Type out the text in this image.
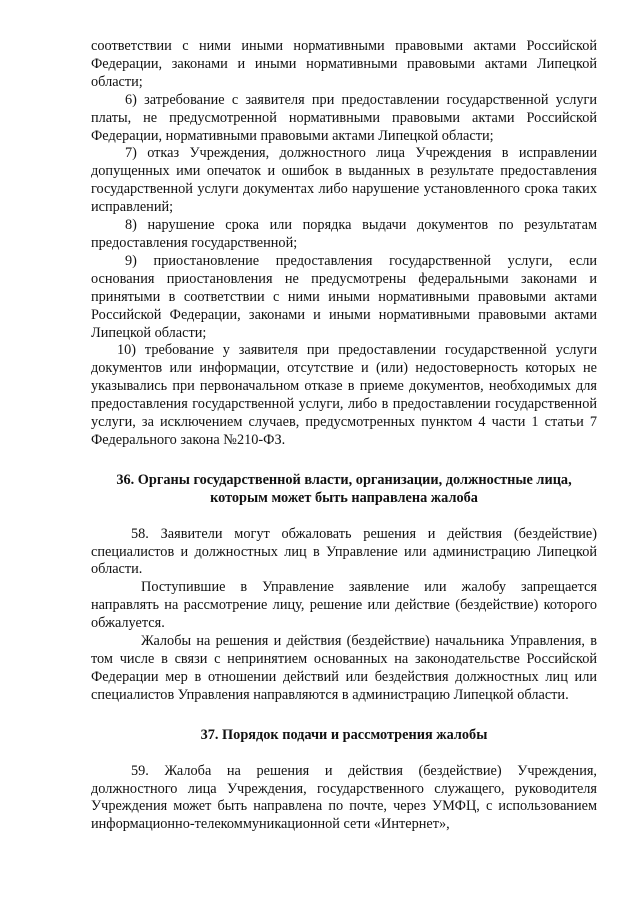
соответствии с ними иными нормативными правовыми актами Российской Федерации, законами и иными нормативными правовыми актами Липецкой области;

6) затребование с заявителя при предоставлении государственной услуги платы, не предусмотренной нормативными правовыми актами Российской Федерации, нормативными правовыми актами Липецкой области;

7) отказ Учреждения, должностного лица Учреждения в исправлении допущенных ими опечаток и ошибок в выданных в результате предоставления государственной услуги документах либо нарушение установленного срока таких исправлений;

8) нарушение срока или порядка выдачи документов по результатам предоставления государственной;

9) приостановление предоставления государственной услуги, если основания приостановления не предусмотрены федеральными законами и принятыми в соответствии с ними иными нормативными правовыми актами Российской Федерации, законами и иными нормативными правовыми актами Липецкой области;

10) требование у заявителя при предоставлении государственной услуги документов или информации, отсутствие и (или) недостоверность которых не указывались при первоначальном отказе в приеме документов, необходимых для предоставления государственной услуги, либо в предоставлении государственной услуги, за исключением случаев, предусмотренных пунктом 4 части 1 статьи 7 Федерального закона №210-ФЗ.

36. Органы государственной власти, организации, должностные лица, которым может быть направлена жалоба

58. Заявители могут обжаловать решения и действия (бездействие) специалистов и должностных лиц в Управление или администрацию Липецкой области.

Поступившие в Управление заявление или жалобу запрещается направлять на рассмотрение лицу, решение или действие (бездействие) которого обжалуется.

Жалобы на решения и действия (бездействие) начальника Управления, в том числе в связи с непринятием основанных на законодательстве Российской Федерации мер в отношении действий или бездействия должностных лиц или специалистов Управления направляются в администрацию Липецкой области.

37. Порядок подачи и рассмотрения жалобы

59. Жалоба на решения и действия (бездействие) Учреждения, должностного лица Учреждения, государственного служащего, руководителя Учреждения может быть направлена по почте, через УМФЦ, с использованием информационно-телекоммуникационной сети «Интернет»,
